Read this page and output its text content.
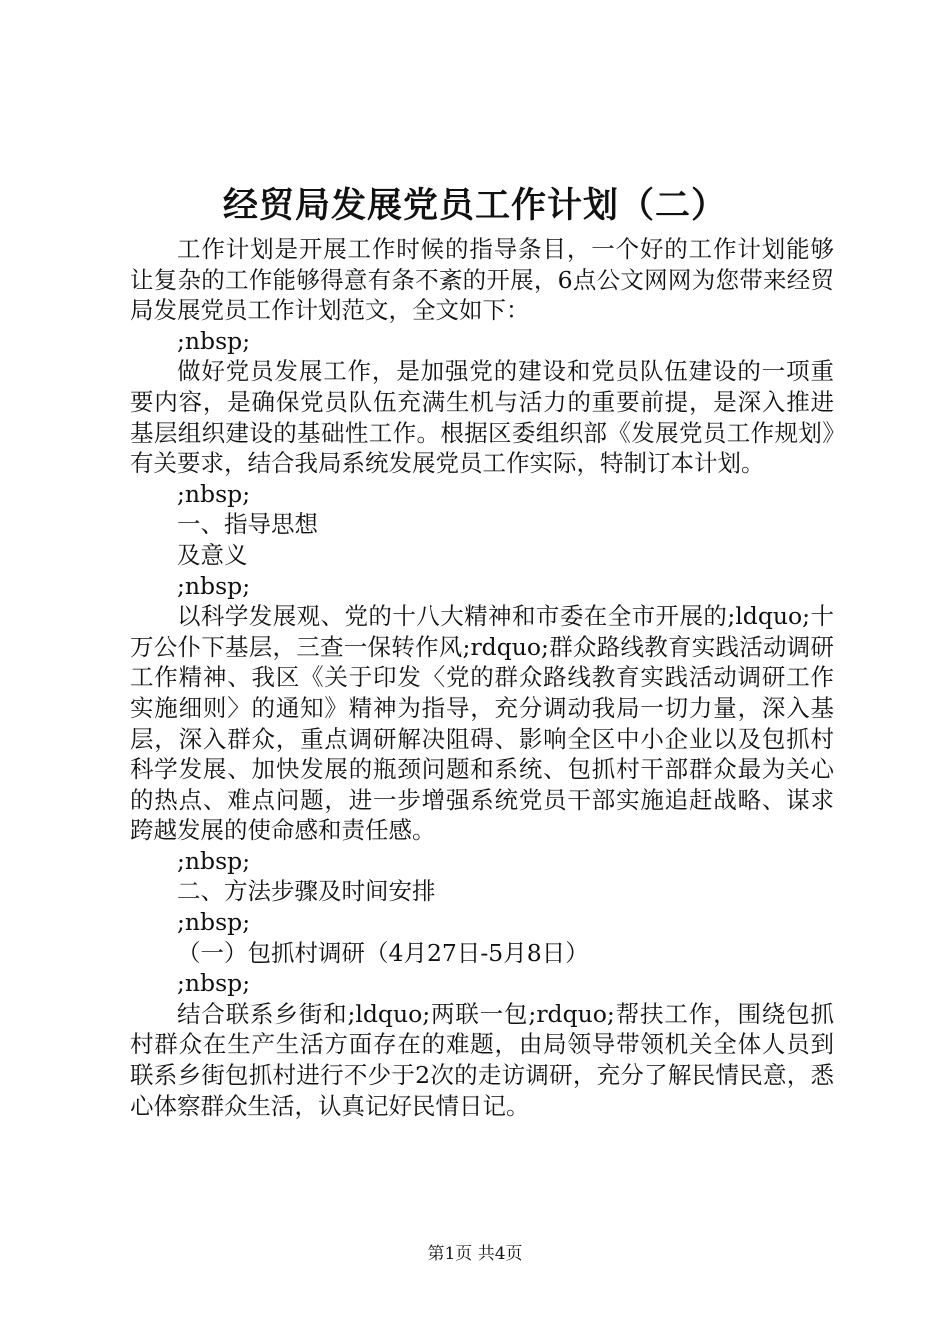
经贸局发展党员工作计划（二）

工作计划是开展工作时候的指导条目，一个好的工作计划能够让复杂的工作能够得意有条不紊的开展，6点公文网网为您带来经贸局发展党员工作计划范文，全文如下：

;nbsp;

做好党员发展工作，是加强党的建设和党员队伍建设的一项重要内容，是确保党员队伍充满生机与活力的重要前提，是深入推进基层组织建设的基础性工作。根据区委组织部《发展党员工作规划》有关要求，结合我局系统发展党员工作实际，特制订本计划。

;nbsp;

一、指导思想

及意义

;nbsp;

以科学发展观、党的十八大精神和市委在全市开展的;ldquo;十万公仆下基层，三查一保转作风;rdquo;群众路线教育实践活动调研工作精神、我区《关于印发〈党的群众路线教育实践活动调研工作实施细则〉的通知》精神为指导，充分调动我局一切力量，深入基层，深入群众，重点调研解决阻碍、影响全区中小企业以及包抓村科学发展、加快发展的瓶颈问题和系统、包抓村干部群众最为关心的热点、难点问题，进一步增强系统党员干部实施追赶战略、谋求跨越发展的使命感和责任感。

;nbsp;

二、方法步骤及时间安排

;nbsp;

（一）包抓村调研（4月27日-5月8日）

;nbsp;

结合联系乡街和;ldquo;两联一包;rdquo;帮扶工作，围绕包抓村群众在生产生活方面存在的难题，由局领导带领机关全体人员到联系乡街包抓村进行不少于2次的走访调研，充分了解民情民意，悉心体察群众生活，认真记好民情日记。

第1页 共4页
